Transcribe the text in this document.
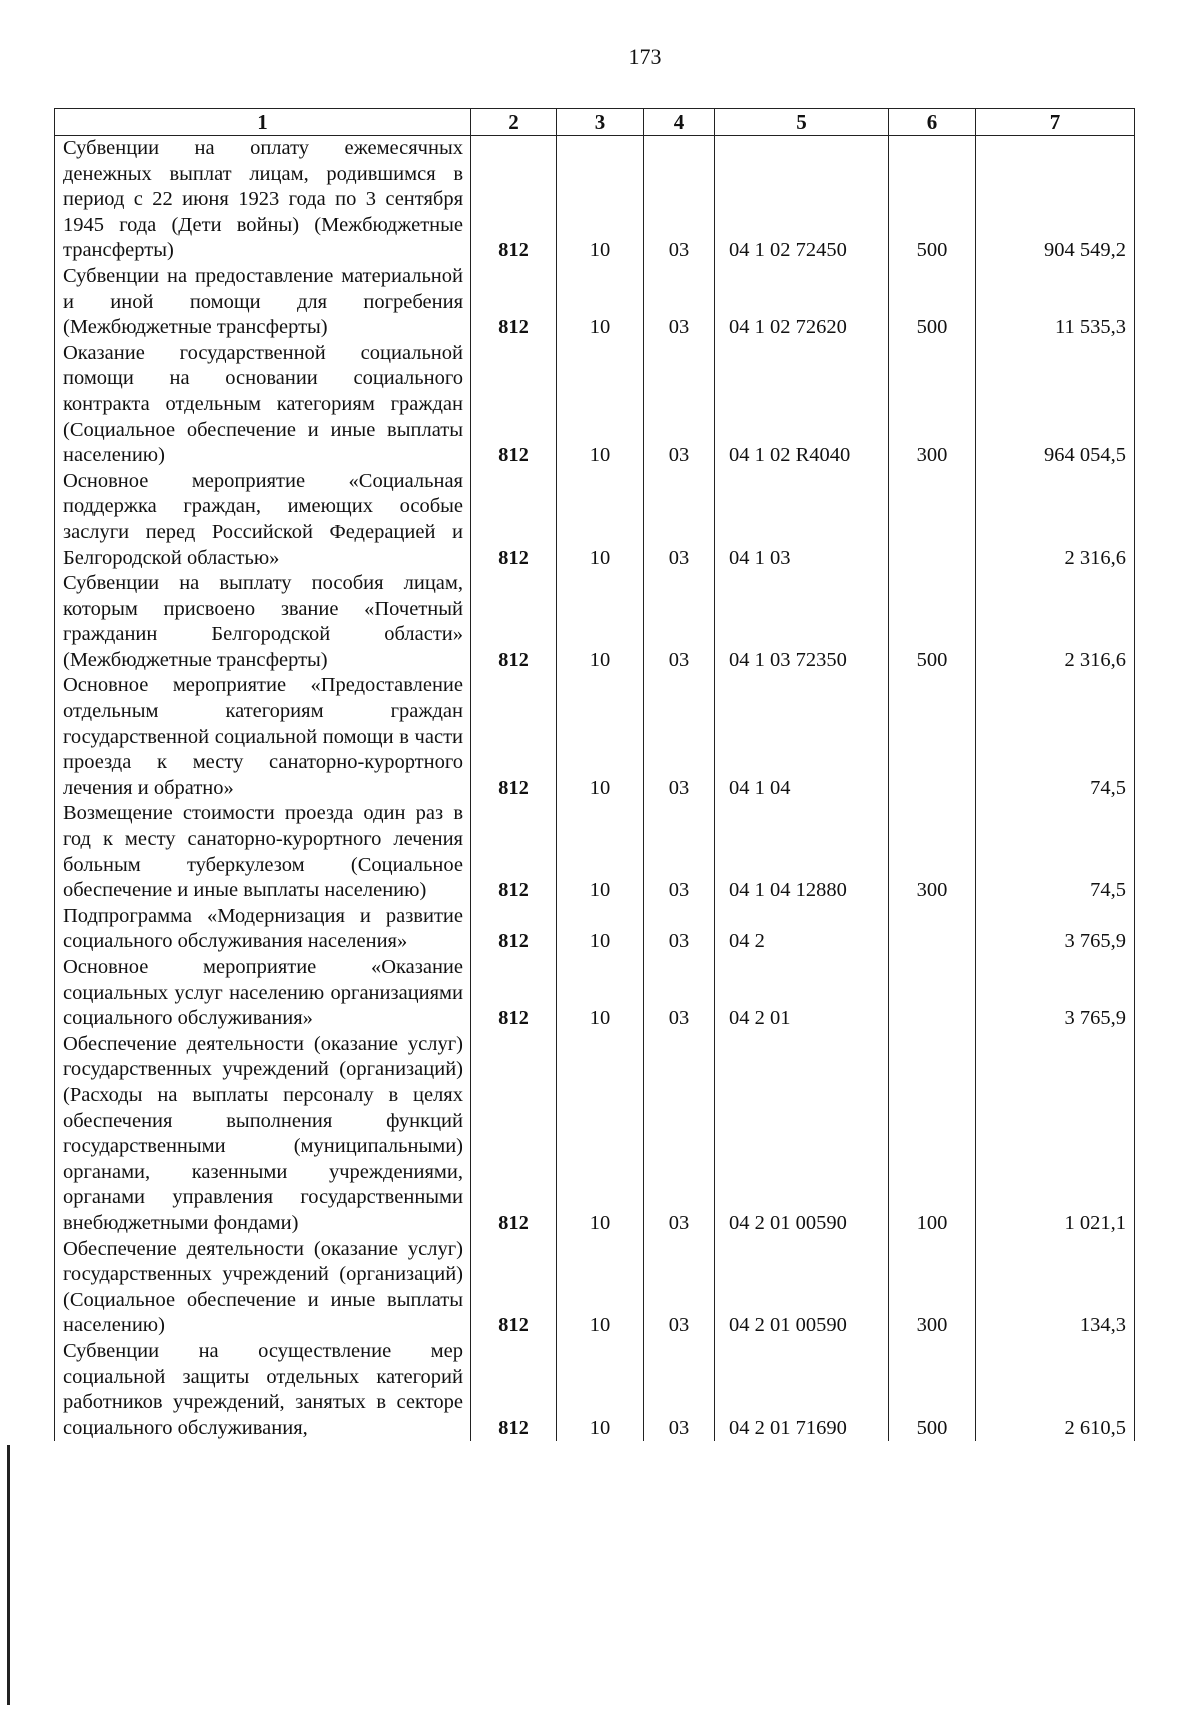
173
1	2	3	4	5	6	7
Субвенции на оплату ежемесячных денежных выплат лицам, родившимся в период с 22 июня 1923 года по 3 сентября 1945 года (Дети войны) (Межбюджетные трансферты)	812	10	03	04 1 02 72450	500	904 549,2
Субвенции на предоставление материальной и иной помощи для погребения (Межбюджетные трансферты)	812	10	03	04 1 02 72620	500	11 535,3
Оказание государственной социальной помощи на основании социального контракта отдельным категориям граждан (Социальное обеспечение и иные выплаты населению)	812	10	03	04 1 02 R4040	300	964 054,5
Основное мероприятие «Социальная поддержка граждан, имеющих особые заслуги перед Российской Федерацией и Белгородской областью»	812	10	03	04 1 03		2 316,6
Субвенции на выплату пособия лицам, которым присвоено звание «Почетный гражданин Белгородской области» (Межбюджетные трансферты)	812	10	03	04 1 03 72350	500	2 316,6
Основное мероприятие «Предоставление отдельным категориям граждан государственной социальной помощи в части проезда к месту санаторно-курортного лечения и обратно»	812	10	03	04 1 04		74,5
Возмещение стоимости проезда один раз в год к месту санаторно-курортного лечения больным туберкулезом (Социальное обеспечение и иные выплаты населению)	812	10	03	04 1 04 12880	300	74,5
Подпрограмма «Модернизация и развитие социального обслуживания населения»	812	10	03	04 2		3 765,9
Основное мероприятие «Оказание социальных услуг населению организациями социального обслуживания»	812	10	03	04 2 01		3 765,9
Обеспечение деятельности (оказание услуг) государственных учреждений (организаций) (Расходы на выплаты персоналу в целях обеспечения выполнения функций государственными (муниципальными) органами, казенными учреждениями, органами управления государственными внебюджетными фондами)	812	10	03	04 2 01 00590	100	1 021,1
Обеспечение деятельности (оказание услуг) государственных учреждений (организаций) (Социальное обеспечение и иные выплаты населению)	812	10	03	04 2 01 00590	300	134,3
Субвенции на осуществление мер социальной защиты отдельных категорий работников учреждений, занятых в секторе социального обслуживания,	812	10	03	04 2 01 71690	500	2 610,5
